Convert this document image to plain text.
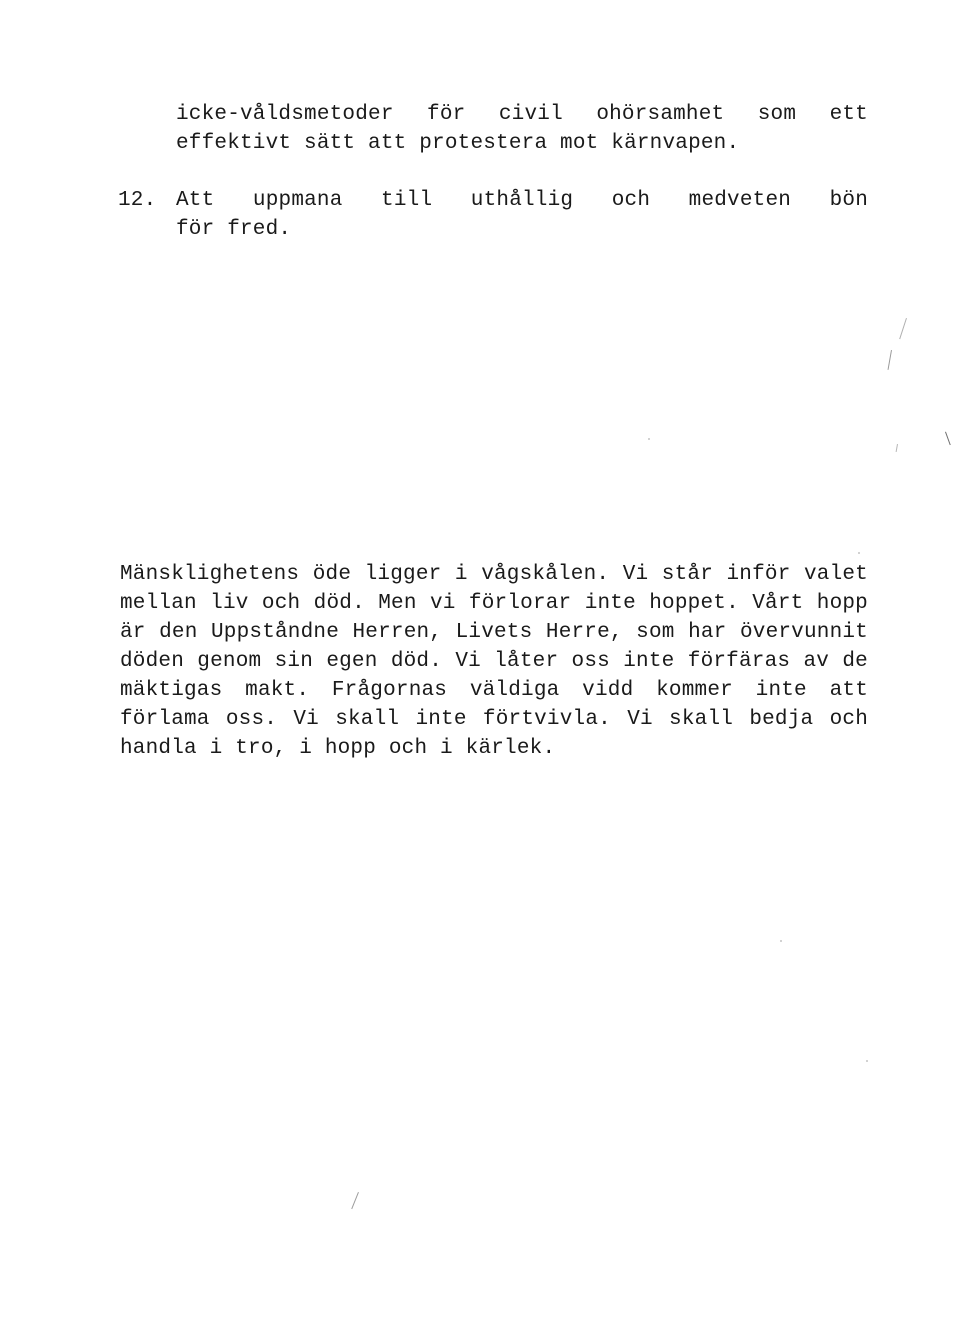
icke-våldsmetoder för civil ohörsamhet som ett effektivt sätt att protestera mot kärnvapen.

12. Att uppmana till uthållig och medveten bön
för fred.

Mänsklighetens öde ligger i vågskålen. Vi står inför valet mellan liv och död. Men vi förlorar inte hoppet. Vårt hopp är den Uppståndne Herren, Livets Herre, som har övervunnit döden genom sin egen död. Vi låter oss inte förfäras av de mäktigas makt. Frågornas väldiga vidd kommer inte att förlama oss. Vi skall inte förtvivla. Vi skall bedja och handla i tro, i hopp och i kärlek.
